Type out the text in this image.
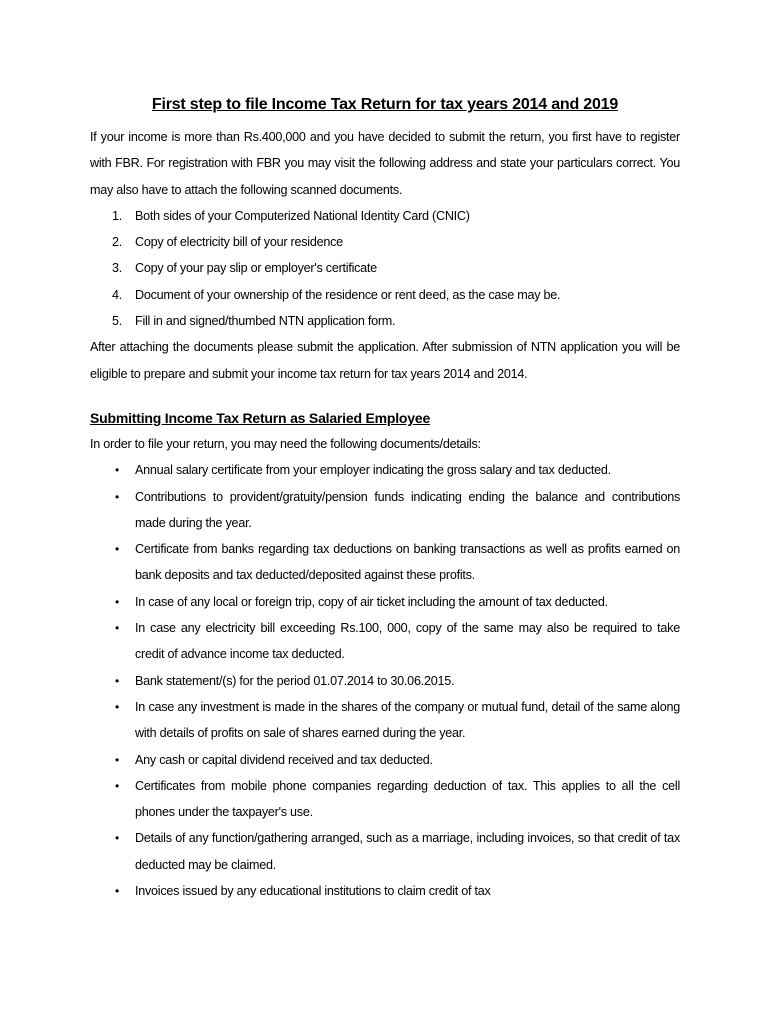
First step to file Income Tax Return for tax years 2014 and 2019

If your income is more than Rs.400,000 and you have decided to submit the return, you first have to register with FBR. For registration with FBR you may visit the following address and state your particulars correct. You may also have to attach the following scanned documents.

1. Both sides of your Computerized National Identity Card (CNIC)
2. Copy of electricity bill of your residence
3. Copy of your pay slip or employer's certificate
4. Document of your ownership of the residence or rent deed, as the case may be.
5. Fill in and signed/thumbed NTN application form.

After attaching the documents please submit the application. After submission of NTN application you will be eligible to prepare and submit your income tax return for tax years 2014 and 2014.

Submitting Income Tax Return as Salaried Employee

In order to file your return, you may need the following documents/details:

• Annual salary certificate from your employer indicating the gross salary and tax deducted.
• Contributions to provident/gratuity/pension funds indicating ending the balance and contributions made during the year.
• Certificate from banks regarding tax deductions on banking transactions as well as profits earned on bank deposits and tax deducted/deposited against these profits.
• In case of any local or foreign trip, copy of air ticket including the amount of tax deducted.
• In case any electricity bill exceeding Rs.100, 000, copy of the same may also be required to take credit of advance income tax deducted.
• Bank statement/(s) for the period 01.07.2014 to 30.06.2015.
• In case any investment is made in the shares of the company or mutual fund, detail of the same along with details of profits on sale of shares earned during the year.
• Any cash or capital dividend received and tax deducted.
• Certificates from mobile phone companies regarding deduction of tax. This applies to all the cell phones under the taxpayer's use.
• Details of any function/gathering arranged, such as a marriage, including invoices, so that credit of tax deducted may be claimed.
• Invoices issued by any educational institutions to claim credit of tax
